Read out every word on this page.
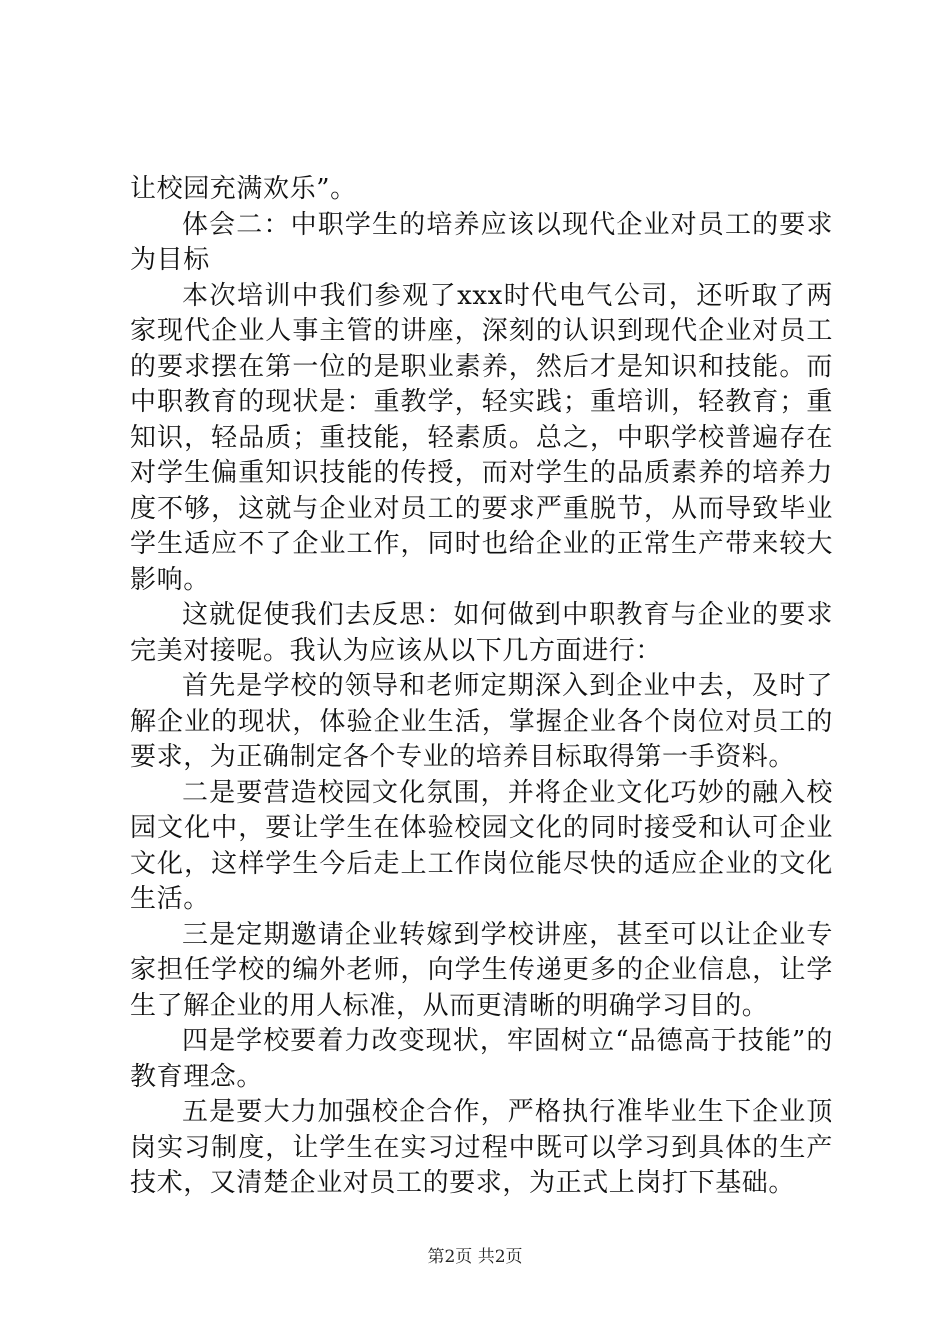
让校园充满欢乐”。

体会二：中职学生的培养应该以现代企业对员工的要求为目标

本次培训中我们参观了xxx时代电气公司，还听取了两家现代企业人事主管的讲座，深刻的认识到现代企业对员工的要求摆在第一位的是职业素养，然后才是知识和技能。而中职教育的现状是：重教学，轻实践；重培训，轻教育；重知识，轻品质；重技能，轻素质。总之，中职学校普遍存在对学生偏重知识技能的传授，而对学生的品质素养的培养力度不够，这就与企业对员工的要求严重脱节，从而导致毕业学生适应不了企业工作，同时也给企业的正常生产带来较大影响。

这就促使我们去反思：如何做到中职教育与企业的要求完美对接呢。我认为应该从以下几方面进行：

首先是学校的领导和老师定期深入到企业中去，及时了解企业的现状，体验企业生活，掌握企业各个岗位对员工的要求，为正确制定各个专业的培养目标取得第一手资料。

二是要营造校园文化氛围，并将企业文化巧妙的融入校园文化中，要让学生在体验校园文化的同时接受和认可企业文化，这样学生今后走上工作岗位能尽快的适应企业的文化生活。

三是定期邀请企业转嫁到学校讲座，甚至可以让企业专家担任学校的编外老师，向学生传递更多的企业信息，让学生了解企业的用人标准，从而更清晰的明确学习目的。

四是学校要着力改变现状，牢固树立“品德高于技能”的教育理念。

五是要大力加强校企合作，严格执行准毕业生下企业顶岗实习制度，让学生在实习过程中既可以学习到具体的生产技术，又清楚企业对员工的要求，为正式上岗打下基础。

第2页 共2页
